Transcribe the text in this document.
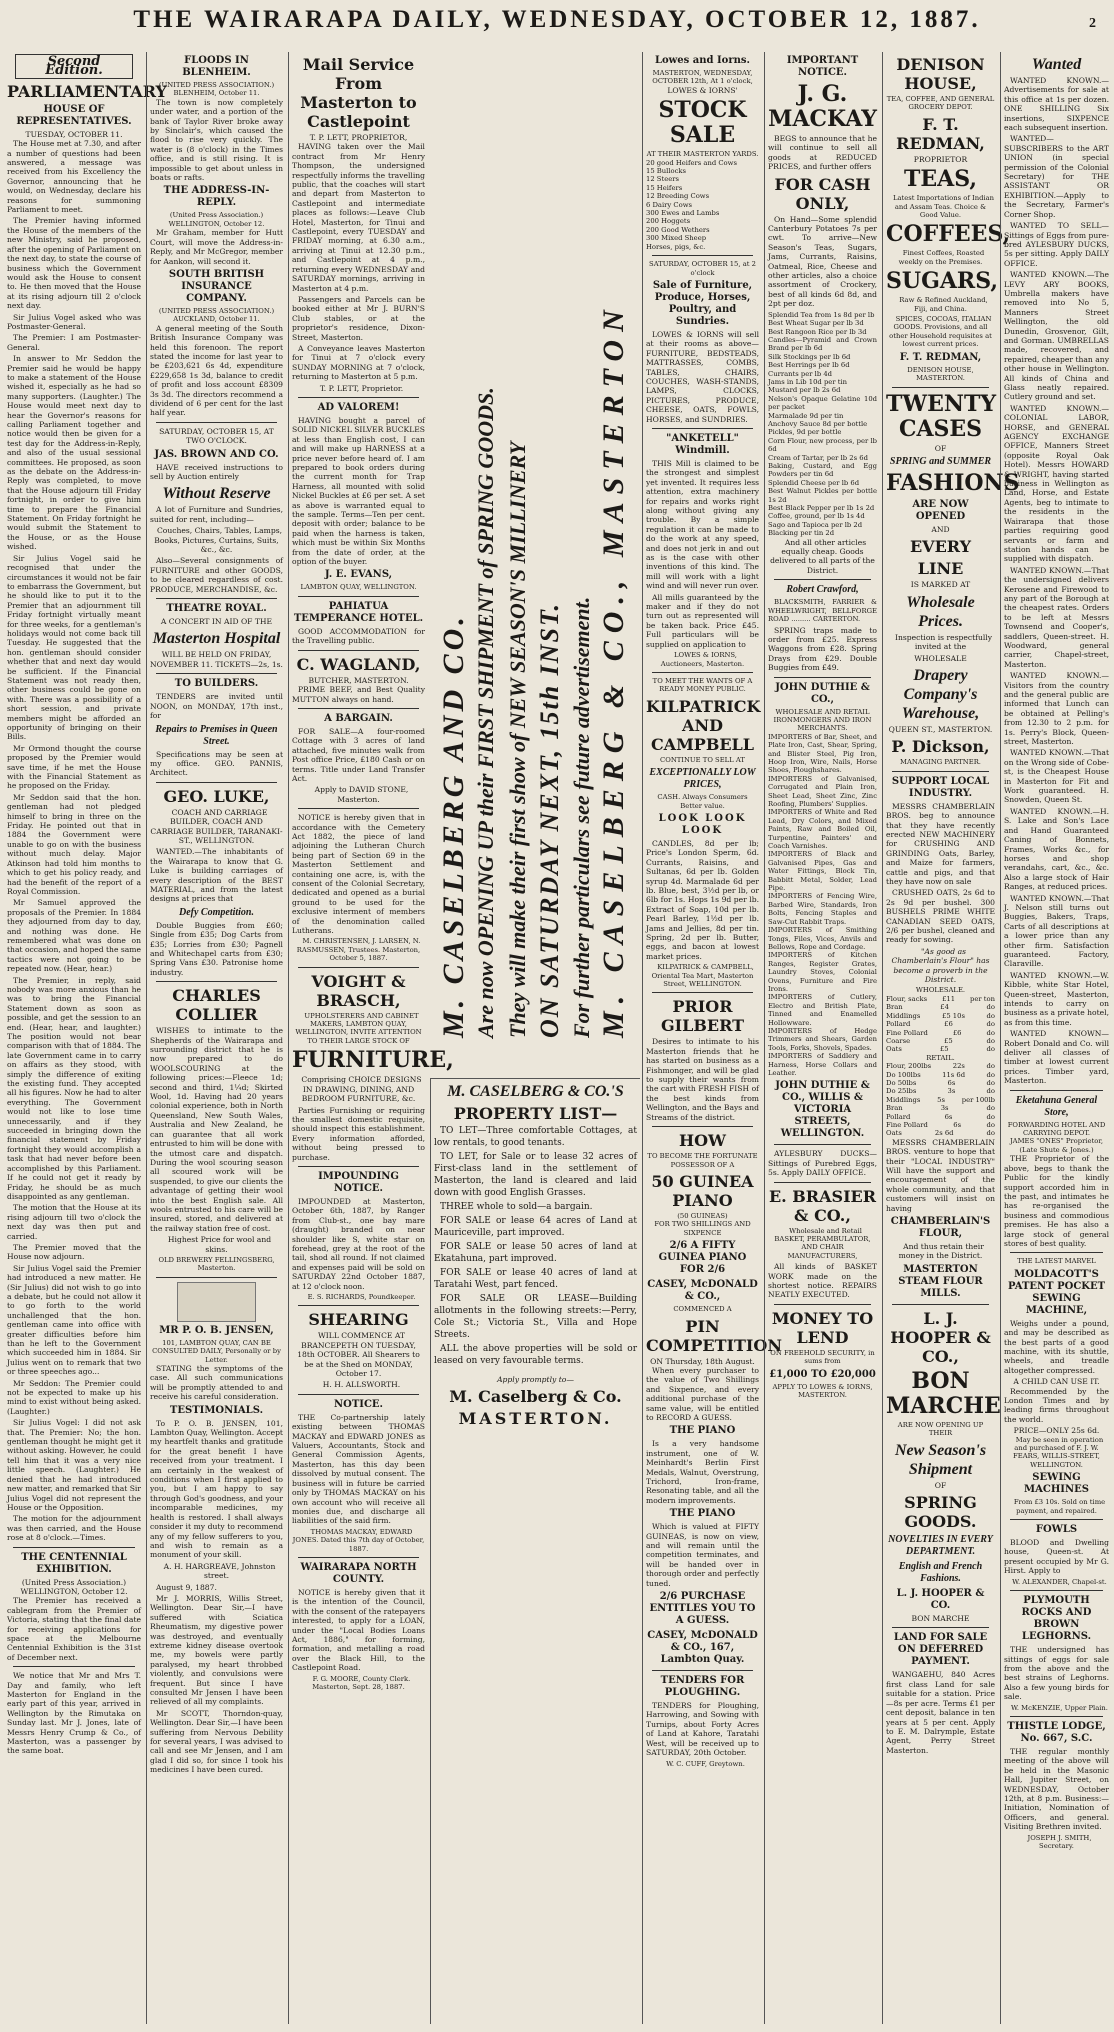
THE WAIRARAPA DAILY, WEDNESDAY, OCTOBER 12, 1887.	2
Second Edition.
PARLIAMENTARY
HOUSE OF REPRESENTATIVES.
TUESDAY, OCTOBER 11.

The House met at 7.30, and after a number of questions had been answered, a message was received from his Excellency the Governor, announcing that he would, on Wednesday, declare his reasons for summoning Parliament to meet.

The Premier having informed the House of the members of the new Ministry, said he proposed, after the opening of Parliament on the next day, to state the course of business which the Government would ask the House to consent to. He then moved that the House at its rising adjourn till 2 o'clock next day.

Sir Julius Vogel asked who was Postmaster-General.

The Premier: I am Postmaster-General.

In answer to Mr Seddon the Premier said he would be happy to make a statement of the House wished it, especially as he had so many supporters. (Laughter.) The House would meet next day to hear the Governor's reasons for calling Parliament together and notice would then be given for a test day for the Address-in-Reply, and also of the usual sessional committees. He proposed, as soon as the debate on the Address-in-Reply was completed, to move that the House adjourn till Friday fortnight, in order to give him time to prepare the Financial Statement. On Friday fortnight he would submit the Statement to the House, or as the House wished.

Sir Julius Vogel said he recognised that under the circumstances it would not be fair to embarrass the Government, but he should like to put it to the Premier that an adjournment till Friday fortnight virtually meant for three weeks, for a gentleman's holidays would not come back till Tuesday. He suggested that the hon. gentleman should consider whether that and next day would be sufficient. If the Financial Statement was not ready then, other business could be gone on with. There was a possibility of a short session, and private members might be afforded an opportunity of bringing on their Bills.

Mr Ormond thought the course proposed by the Premier would save time, if he met the House with the Financial Statement as he proposed on the Friday.

Mr Seddon said that the hon. gentleman had not pledged himself to bring in three on the Friday. He pointed out that in 1884 the Government were unable to go on with the business without much delay. Major Atkinson had told him months to which to get his policy ready, and had the benefit of the report of a Royal Commission.

Mr Samuel approved the proposals of the Premier. In 1884 they adjourned from day to day, and nothing was done. He remembered what was done on that occasion, and hoped the same tactics were not going to be repeated now. (Hear, hear.)

The Premier, in reply, said nobody was more anxious than he was to bring the Financial Statement down as soon as possible, and get the session to an end. (Hear, hear, and laughter.) The position would not bear comparison with that of 1884. The late Government came in to carry on affairs as they stood, with simply the difference of exiting the existing fund. They accepted all his figures. Now he had to alter everything. The Government would not like to lose time unnecessarily, and if they succeeded in bringing down the financial statement by Friday fortnight they would accomplish a task that had never before been accomplished by this Parliament. If he could not get it ready by Friday, he should be as much disappointed as any gentleman.

The motion that the House at its rising adjourn till two o'clock the next day was then put and carried.

The Premier moved that the House now adjourn.

Sir Julius Vogel said the Premier had introduced a new matter. He (Sir Julius) did not wish to go into a debate, but he could not allow it to go forth to the world unchallenged that the hon. gentleman came into office with greater difficulties before him than he left to the Government which succeeded him in 1884. Sir Julius went on to remark that two or three speeches ago...

Mr Seddon: The Premier could not be expected to make up his mind to exist without being asked. (Laughter.)

Sir Julius Vogel: I did not ask that. The Premier: No; the hon. gentleman thought he might get it without asking. However, he could tell him that it was a very nice little speech. (Laughter.) He denied that he had introduced new matter, and remarked that Sir Julius Vogel did not represent the House or the Opposition.

The motion for the adjournment was then carried, and the House rose at 8 o'clock.—Times.

THE CENTENNIAL EXHIBITION.
(United Press Association.)
WELLINGTON, October 12.

The Premier has received a cablegram from the Premier of Victoria, stating that the final date for receiving applications for space at the Melbourne Centennial Exhibition is the 31st of December next.

We notice that Mr and Mrs T. Day and family, who left Masterton for England in the early part of this year, arrived in Wellington by the Rimutaka on Sunday last. Mr J. Jones, late of Messrs Henry Crump & Co., of Masterton, was a passenger by the same boat.

FLOODS IN BLENHEIM.
(UNITED PRESS ASSOCIATION.)
BLENHEIM, October 11.

The town is now completely under water, and a portion of the bank of Taylor River broke away by Sinclair's, which caused the flood to rise very quickly. The water is (8 o'clock) in the Times office, and is still rising. It is impossible to get about unless in boats or rafts.

THE ADDRESS-IN-REPLY.
(United Press Association.)
WELLINGTON, October 12.

Mr Graham, member for Hutt Court, will move the Address-in-Reply, and Mr McGregor, member for Aankon, will second it.

SOUTH BRITISH INSURANCE COMPANY.
(UNITED PRESS ASSOCIATION.)
AUCKLAND, October 11.

A general meeting of the South British Insurance Company was held this forenoon. The report stated the income for last year to be £203,621 6s 4d, expenditure £229,658 1s 3d, balance to credit of profit and loss account £8309 3s 3d. The directors recommend a dividend of 6 per cent for the last half year.

SATURDAY, OCTOBER 15, AT TWO O'CLOCK.
JAS. BROWN AND CO.

HAVE received instructions to sell by Auction entirely

Without Reserve

A lot of Furniture and Sundries, suited for rent, including—

Couches, Chairs, Tables, Lamps, Books, Pictures, Curtains, Suits, &c., &c.

Also—Several consignments of FURNITURE and other GOODS, to be cleared regardless of cost. PRODUCE, MERCHANDISE, &c.

THEATRE ROYAL.
A CONCERT IN AID OF THE
Masterton Hospital
WILL BE HELD ON FRIDAY, NOVEMBER 11. TICKETS—2s, 1s.
TO BUILDERS.

TENDERS are invited until NOON, on MONDAY, 17th inst., for

Repairs to Premises in Queen Street.

Specifications may be seen at my office. GEO. PANNIS, Architect.

GEO. LUKE,

COACH AND CARRIAGE BUILDER, COACH AND CARRIAGE BUILDER, TARANAKI-ST., WELLINGTON.

WANTED.—The inhabitants of the Wairarapa to know that G. Luke is building carriages of every description of the BEST MATERIAL, and from the latest designs at prices that

Defy Competition.

Double Buggies from £60; Single from £35; Dog Carts from £35; Lorries from £30; Pagnell and Whitechapel carts from £30; Spring Vans £30. Patronise home industry.

CHARLES COLLIER

WISHES to intimate to the Shepherds of the Wairarapa and surrounding district that he is now prepared to do WOOLSCOURING at the following prices:—Fleece 1d; second and third, 1¼d; Skirted Wool, 1d. Having had 20 years colonial experience, both in North Queensland, New South Wales, Australia and New Zealand, he can guarantee that all work entrusted to him will be done with the utmost care and dispatch. During the wool scouring season all scoured work will be suspended, to give our clients the advantage of getting their wool into the best English sale. All wools entrusted to his care will be insured, stored, and delivered at the railway station free of cost.

Highest Price for wool and skins.

OLD BREWERY FELLINGSBERG, Masterton.
MR P. O. B. JENSEN,
101, LAMBTON QUAY, CAN BE CONSULTED DAILY, Personally or by Letter.

STATING the symptoms of the case. All such communications will be promptly attended to and receive his careful consideration.

TESTIMONIALS.

To P. O. B. JENSEN, 101, Lambton Quay, Wellington. Accept my heartfelt thanks and gratitude for the great benefit I have received from your treatment. I am certainly in the weakest of conditions when I first applied to you, but I am happy to say through God's goodness, and your incomparable medicines, my health is restored. I shall always consider it my duty to recommend any of my fellow sufferers to you, and wish to remain as a monument of your skill.

A. H. HARGREAVE, Johnston street.

August 9, 1887.

Mr J. MORRIS, Willis Street, Wellington. Dear Sir,—I have suffered with Sciatica Rheumatism, my digestive power was destroyed, and eventually extreme kidney disease overtook me, my bowels were partly paralysed, my heart throbbed violently, and convulsions were frequent. But since I have consulted Mr Jensen I have been relieved of all my complaints.

Mr SCOTT, Thorndon-quay, Wellington. Dear Sir,—I have been suffering from Nervous Debility for several years, I was advised to call and see Mr Jensen, and I am glad I did so, for since I took his medicines I have been cured.

Mail Service From Masterton to Castlepoint
T. P. LETT, PROPRIETOR,

HAVING taken over the Mail contract from Mr Henry Thompson, the undersigned respectfully informs the travelling public, that the coaches will start and depart from Masterton to Castlepoint and intermediate places as follows:—Leave Club Hotel, Masterton, for Tinui and Castlepoint, every TUESDAY and FRIDAY morning, at 6.30 a.m., arriving at Tinui at 12.30 p.m., and Castlepoint at 4 p.m., returning every WEDNESDAY and SATURDAY mornings, arriving in Masterton at 4 p.m.

Passengers and Parcels can be booked either at Mr J. BURN'S Club stables, or at the proprietor's residence, Dixon-Street, Masterton.

A Conveyance leaves Masterton for Tinui at 7 o'clock every SUNDAY MORNING at 7 o'clock, returning to Masterton at 5 p.m.

T. P. LETT, Proprietor.

AD VALOREM!

HAVING bought a parcel of SOLID NICKEL SILVER BUCKLES at less than English cost, I can and will make up HARNESS at a price never before heard of. I am prepared to book orders during the current month for Trap Harness, all mounted with solid Nickel Buckles at £6 per set. A set as above is warranted equal to the sample. Terms—Ten per cent. deposit with order; balance to be paid when the harness is taken, which must be within Six Months from the date of order, at the option of the buyer.

J. E. EVANS,
LAMBTON QUAY, WELLINGTON.
PAHIATUA TEMPERANCE HOTEL.

GOOD ACCOMMODATION for the Travelling public.

C. WAGLAND,
BUTCHER, MASTERTON.

PRIME BEEF, and Best Quality MUTTON always on hand.

A BARGAIN.

FOR SALE—A four-roomed Cottage with 3 acres of land attached, five minutes walk from Post office Price, £180 Cash or on terms. Title under Land Transfer Act.

Apply to DAVID STONE, Masterton.

NOTICE is hereby given that in accordance with the Cemetery Act 1882, the piece of land adjoining the Lutheran Church being part of Section 69 in the Masterton Settlement and containing one acre, is, with the consent of the Colonial Secretary, dedicated and opened as a burial ground to be used for the exclusive interment of members of the denomination called Lutherans.

M. CHRISTENSEN, J. LARSEN, N. RASMUSSEN, Trustees. Masterton, October 5, 1887.

VOIGHT & BRASCH,

UPHOLSTERERS AND CABINET MAKERS, LAMBTON QUAY, WELLINGTON, INVITE ATTENTION TO THEIR LARGE STOCK OF

FURNITURE,

Comprising CHOICE DESIGNS IN DRAWING, DINING, AND BEDROOM FURNITURE, &c.

Parties Furnishing or requiring the smallest domestic requisite, should inspect this establishment. Every information afforded, without being pressed to purchase.

IMPOUNDING NOTICE.

IMPOUNDED at Masterton, October 6th, 1887, by Ranger from Club-st., one bay mare (draught) branded on near shoulder like S, white star on forehead, grey at the root of the tail, shod all round. If not claimed and expenses paid will be sold on SATURDAY 22nd October 1887, at 12 o'clock noon.

E. S. RICHARDS, Poundkeeper.

SHEARING

WILL COMMENCE AT BRANCEPETH ON TUESDAY, 18th OCTOBER. All Shearers to be at the Shed on MONDAY, October 17.

H. H. ALLSWORTH.

NOTICE.

THE Co-partnership lately existing between THOMAS MACKAY and EDWARD JONES as Valuers, Accountants, Stock and General Commission Agents, Masterton, has this day been dissolved by mutual consent. The business will in future be carried only by THOMAS MACKAY on his own account who will receive all monies due, and discharge all liabilities of the said firm.

THOMAS MACKAY, EDWARD JONES. Dated this 7th day of October, 1887.

WAIRARAPA NORTH COUNTY.

NOTICE is hereby given that it is the intention of the Council, with the consent of the ratepayers interested, to apply for a LOAN, under the "Local Bodies Loans Act, 1886," for forming, formation, and metalling a road over the Black Hill, to the Castlepoint Road.

F. G. MOORE, County Clerk. Masterton, Sept. 28, 1887.

M. CASELBERG AND CO. Are now OPENING UP their FIRST SHIPMENT of SPRING GOODS. They will make their first show of NEW SEASON'S MILLINERY ON SATURDAY NEXT, 15th INST. For further particulars see future advertisement. M. CASELBERG & CO., MASTERTON
M. CASELBERG & CO.'S
PROPERTY LIST—

TO LET—Three comfortable Cottages, at low rentals, to good tenants.

TO LET, for Sale or to lease 32 acres of First-class land in the settlement of Masterton, the land is cleared and laid down with good English Grasses.

THREE whole to sold—a bargain.

FOR SALE or lease 64 acres of Land at Mauriceville, part improved.

FOR SALE or lease 50 acres of land at Ekatahuna, part improved.

FOR SALE or lease 40 acres of land at Taratahi West, part fenced.

FOR SALE OR LEASE—Building allotments in the following streets:—Perry, Cole St.; Victoria St., Villa and Hope Streets.

ALL the above properties will be sold or leased on very favourable terms.

Apply promptly to—
M. Caselberg & Co.
MASTERTON.
Lowes and Iorns.
MASTERTON, WEDNESDAY, OCTOBER 12th, At 1 o'clock,
LOWES & IORNS'
STOCK SALE
AT THEIR MASTERTON YARDS.
20 good Heifers and Cows
15 Bullocks
12 Steers
15 Heifers
12 Breeding Cows
6 Dairy Cows
300 Ewes and Lambs
200 Hoggets
200 Good Wethers
300 Mixed Sheep
Horses, pigs, &c.
SATURDAY, OCTOBER 15, at 2 o'clock
Sale of Furniture, Produce, Horses, Poultry, and Sundries.

LOWES & IORNS will sell at their rooms as above—FURNITURE, BEDSTEADS, MATTRASSES, COMBS, TABLES, CHAIRS, COUCHES, WASH-STANDS, LAMPS, CLOCKS, PICTURES, PRODUCE, CHEESE, OATS, FOWLS, HORSES, and SUNDRIES.

"ANKETELL" Windmill.

THIS Mill is claimed to be the strongest and simplest yet invented. It requires less attention, extra machinery for repairs and works right along without giving any trouble. By a simple regulation it can be made to do the work at any speed, and does not jerk in and out as is the case with other inventions of this kind. The mill will work with a light wind and will never run over.

All mills guaranteed by the maker and if they do not turn out as represented will be taken back. Price £45. Full particulars will be supplied on application to

LOWES & IORNS, Auctioneers, Masterton.

TO MEET THE WANTS OF A READY MONEY PUBLIC.
KILPATRICK AND CAMPBELL
CONTINUE TO SELL AT
EXCEPTIONALLY LOW PRICES,
CASH. Always Consumers Better value.
LOOK LOOK LOOK

CANDLES, 8d per lb; Price's London Sperm, 6d. Currants, Raisins, and Sultanas, 6d per lb. Golden syrup 4d. Marmalade 6d per lb. Blue, best, 3½d per lb, or 6lb for 1s. Hops 1s 9d per lb. Extract of Soap, 10d per lb. Pearl Barley, 1½d per lb. Jams and Jellies, 8d per tin. Spring, 2d per lb. Butter, eggs, and bacon at lowest market prices.

KILPATRICK & CAMPBELL, Oriental Tea Mart, Masterton Street, WELLINGTON.

PRIOR GILBERT

Desires to intimate to his Masterton friends that he has started on business as a Fishmonger, and will be glad to supply their wants from the cart with FRESH FISH of the best kinds from Wellington, and the Bays and Streams of the district.

HOW
TO BECOME THE FORTUNATE POSSESSOR OF A
50 GUINEA PIANO
(50 GUINEAS)
FOR TWO SHILLINGS AND SIXPENCE
2/6 A FIFTY GUINEA PIANO FOR 2/6
CASEY, McDONALD & CO.,
COMMENCED A
PIN COMPETITION
ON Thursday, 18th August.

When every purchaser to the value of Two Shillings and Sixpence, and every additional purchase of the same value, will be entitled to RECORD A GUESS.

THE PIANO

Is a very handsome instrument, one of W. Meinhardt's Berlin First Medals, Walnut, Overstrung, Trichord, Iron-frame, Resonating table, and all the modern improvements.

THE PIANO

Which is valued at FIFTY GUINEAS, is now on view, and will remain until the competition terminates, and will be handed over in thorough order and perfectly tuned.

2/6 PURCHASE ENTITLES YOU TO A GUESS.
CASEY, McDONALD & CO., 167, Lambton Quay.
TENDERS FOR PLOUGHING.

TENDERS for Ploughing, Harrowing, and Sowing with Turnips, about Forty Acres of Land at Kahore, Taratahi West, will be received up to SATURDAY, 20th October.

W. C. CUFF, Greytown.

IMPORTANT NOTICE.
J. G. MACKAY

BEGS to announce that he will continue to sell all goods at REDUCED PRICES, and further offers

FOR CASH ONLY,

On Hand—Some splendid Canterbury Potatoes 7s per cwt. To arrive—New Season's Teas, Sugars, Jams, Currants, Raisins, Oatmeal, Rice, Cheese and other articles, also a choice assortment of Crockery, best of all kinds 6d 8d, and 2pt per doz.

Splendid Tea from 1s 8d per lb
Best Wheat Sugar per lb 3d
Best Rangoon Rice per lb 3d
Candles—Pyramid and Crown Brand per lb 6d
Silk Stockings per lb 6d
Best Herrings per lb 6d
Currants per lb 4d
Jams in Lib 10d per tin
Mustard per lb 2s 6d
Nelson's Opaque Gelatine 10d per packet
Marmalade 9d per tin
Anchovy Sauce 8d per bottle
Pickles, 9d per bottle
Corn Flour, new process, per lb 6d
Cream of Tartar, per lb 2s 6d
Baking, Custard, and Egg Powders per tin 6d
Splendid Cheese per lb 6d
Best Walnut Pickles per bottle 1s 2d
Best Black Pepper per lb 1s 2d
Coffee, ground, per lb 1s 4d
Sago and Tapioca per lb 2d
Blacking per tin 2d

And all other articles equally cheap. Goods delivered to all parts of the District.

Robert Crawford,

BLACKSMITH, FARRIER & WHEELWRIGHT, BELLFORGE ROAD ......... CARTERTON.

SPRING traps made to order from £25. Express Waggons from £28. Spring Drays from £29. Double Buggies from £49.

JOHN DUTHIE & CO.,
WHOLESALE AND RETAIL IRONMONGERS AND IRON MERCHANTS.
IMPORTERS of Bar, Sheet, and Plate Iron, Cast, Shear, Spring, and Blister Steel, Pig Iron, Hoop Iron, Wire, Nails, Horse Shoes, Ploughshares.
IMPORTERS of Galvanised, Corrugated and Plain Iron, Sheet Lead, Sheet Zinc, Zinc Roofing, Plumbers' Supplies.
IMPORTERS of White and Red Lead, Dry Colors, and Mixed Paints, Raw and Boiled Oil, Turpentine, Painters' and Coach Varnishes.
IMPORTERS of Black and Galvanised Pipes, Gas and Water Fittings, Block Tin, Babbitt Metal, Solder, Lead Pipe.
IMPORTERS of Fencing Wire, Barbed Wire, Standards, Iron Bolts, Fencing Staples and Saw-Cut Rabbit Traps.
IMPORTERS of Smithing Tongs, Files, Vices, Anvils and Bellows, Rope and Cordage.
IMPORTERS of Kitchen Ranges, Register Grates, Laundry Stoves, Colonial Ovens, Furniture and Fire Irons.
IMPORTERS of Cutlery, Electro and British Plate, Tinned and Enamelled Hollowware.
IMPORTERS of Hedge Trimmers and Shears, Garden Tools, Forks, Shovels, Spades.
IMPORTERS of Saddlery and Harness, Horse Collars and Leather.
JOHN DUTHIE & CO., WILLIS & VICTORIA STREETS, WELLINGTON.

AYLESBURY DUCKS—Sittings of Purebred Eggs, 5s. Apply DAILY OFFICE.

E. BRASIER & CO.,

Wholesale and Retail BASKET, PERAMBULATOR, AND CHAIR MANUFACTURERS,

All kinds of BASKET WORK made on the shortest notice. REPAIRS NEATLY EXECUTED.

MONEY TO LEND
ON FREEHOLD SECURITY, in sums from
£1,000 TO £20,000
APPLY TO LOWES & IORNS, MASTERTON.
DENISON HOUSE,
TEA, COFFEE, AND GENERAL GROCERY DEPOT.
F. T. REDMAN,
PROPRIETOR
TEAS,

Latest Importations of Indian and Assam Teas. Choice & Good Value.

COFFEES,

Finest Coffees, Roasted weekly on the Premises.

SUGARS,

Raw & Refined Auckland, Fiji, and China.

SPICES, COCOAS, ITALIAN GOODS. Provisions, and all other Household requisites at lowest current prices.

F. T. REDMAN,
DENISON HOUSE, MASTERTON.
TWENTY CASES
OF
SPRING and SUMMER
FASHIONS
ARE NOW OPENED
AND
EVERY
LINE
IS MARKED AT
Wholesale Prices.

Inspection is respectfully invited at the

WHOLESALE
Drapery Company's Warehouse,
QUEEN ST., MASTERTON.
P. Dickson,
MANAGING PARTNER.
SUPPORT LOCAL INDUSTRY.

MESSRS CHAMBERLAIN BROS. beg to announce that they have recently erected NEW MACHINERY for CRUSHING AND GRINDING Oats, Barley, and Maize for farmers, cattle and pigs, and that they have now on sale

CRUSHED OATS, 2s 6d to 2s 9d per bushel. 300 BUSHELS PRIME WHITE CANADIAN SEED OATS, 2/6 per bushel, cleaned and ready for sowing.

"As good as Chamberlain's Flour" has become a proverb in the District.

WHOLESALE.
Flour, sacks £11 per ton
Bran	£4	do
Middlings	£5 10s	do
Pollard	£6	do
Fine Pollard	£6	do
Coarse	£5	do
Oats	£5	do
RETAIL.
Flour, 200lbs	22s	do
Do 100lbs	11s 6d	do
Do 50lbs	6s	do
Do 25lbs	3s	do
Middlings 5s per 100lb
Bran	3s	do
Pollard	6s	do
Fine Pollard	6s	do
Oats	2s 6d	do

MESSRS CHAMBERLAIN BROS. venture to hope that their "LOCAL INDUSTRY" Will have the support and encouragement of the whole community, and that customers will insist on having

CHAMBERLAIN'S FLOUR,

And thus retain their money in the District.

MASTERTON STEAM FLOUR MILLS.
L. J. HOOPER & CO.,
BON MARCHE
ARE NOW OPENING UP THEIR
New Season's Shipment
OF
SPRING GOODS.
NOVELTIES IN EVERY DEPARTMENT.
English and French Fashions.
L. J. HOOPER & CO.
BON MARCHE
LAND FOR SALE ON DEFERRED PAYMENT.

WANGAEHU, 840 Acres first class Land for sale suitable for a station. Price—8s per acre. Terms £1 per cent deposit, balance in ten years at 5 per cent. Apply to E. M. Dalrymple, Estate Agent, Perry Street Masterton.

Wanted

WANTED KNOWN.—Advertisements for sale at this office at 1s per dozen. ONE SHILLING Six insertions, SIXPENCE each subsequent insertion.

WANTED—SUBSCRIBERS to the ART UNION (in special permission of the Colonial Secretary) for THE ASSISTANT OR EXHIBITION.—Apply to the Secretary, Farmer's Corner Shop.

WANTED TO SELL—Sittings of Eggs from pure-bred AYLESBURY DUCKS, 5s per sitting. Apply DAILY OFFICE.

WANTED KNOWN.—The LEVY ARY BOOKS, Umbrella makers have removed into No 5, Manners Street Wellington, the old Dunedin, Grosvenor, Gilt, and Gorman. UMBRELLAS made, recovered, and repaired, cheaper than any other house in Wellington. All kinds of China and Glass neatly repaired. Cutlery ground and set.

WANTED KNOWN.—COLONIAL LABOR, HORSE, and GENERAL AGENCY EXCHANGE OFFICE, Manners Street (opposite Royal Oak Hotel). Messrs HOWARD & WRIGHT, having started business in Wellington as Land, Horse, and Estate Agents, beg to intimate to the residents in the Wairarapa that those parties requiring good servants or farm and station hands can be supplied with dispatch.

WANTED KNOWN.—That the undersigned delivers Kerosene and Firewood to any part of the Borough at the cheapest rates. Orders to be left at Messrs Townsend and Cooper's, saddlers, Queen-street. H. Woodward, general carrier, Chapel-street, Masterton.

WANTED KNOWN.—Visitors from the country and the general public are informed that Lunch can be obtained at Pelling's from 12.30 to 2 p.m. for 1s. Perry's Block, Queen-street, Masterton.

WANTED KNOWN.—That on the Wrong side of Cobe-st, is the Cheapest House in Masterton for Fit and Work guaranteed. H. Snowden, Queen St.

WANTED KNOWN.—H. S. Lake and Son's Lace and Hand Guaranteed Caning of Bonnets, Frames, Works &c., for horses and shop verandahs, cart, &c., &c. Also a large stock of Hair Ranges, at reduced prices.

WANTED KNOWN.—That J. Nelson still turns out Buggies, Bakers, Traps, Carts of all descriptions at a lower price than any other firm. Satisfaction guaranteed. Factory, Claraville.

WANTED KNOWN.—W. Kibble, white Star Hotel, Queen-street, Masterton, intends to carry on business as a private hotel, as from this time.

WANTED KNOWN—Robert Donald and Co. will deliver all classes of timber at lowest current prices. Timber yard, Masterton.

Eketahuna General Store,
FORWARDING HOTEL AND CARRYING DEPOT.
JAMES "ONES" Proprietor, (Late Shute & Jones.)

THE Proprietor of the above, begs to thank the Public for the kindly support accorded him in the past, and intimates he has re-organised the business and commodious premises. He has also a large stock of general stores of best quality.

THE LATEST MARVEL
MOLDACOTT'S PATENT POCKET SEWING MACHINE,

Weighs under a pound, and may be described as the best parts of a good machine, with its shuttle, wheels, and treadle altogether compressed.

A CHILD CAN USE IT.

Recommended by the London Times and by leading firms throughout the world.

PRICE—ONLY 25s 6d.

May be seen in operation and purchased of F. J. W. FEARS, WILLIS-STREET, WELLINGTON.

SEWING MACHINES

From £3 10s. Sold on time payment, and repaired.

FOWLS

BLOOD and Dwelling house, Queen-st. At present occupied by Mr G. Hirst. Apply to

W. ALEXANDER, Chapel-st.

PLYMOUTH ROCKS AND BROWN LEGHORNS.

THE undersigned has sittings of eggs for sale from the above and the best strains of Leghorns. Also a few young birds for sale.

W. McKENZIE, Upper Plain.

THISTLE LODGE, No. 667, S.C.

THE regular monthly meeting of the above will be held in the Masonic Hall, Jupiter Street, on WEDNESDAY, October 12th, at 8 p.m. Business:—Initiation, Nomination of Officers, and general. Visiting Brethren invited.

JOSEPH J. SMITH, Secretary.
